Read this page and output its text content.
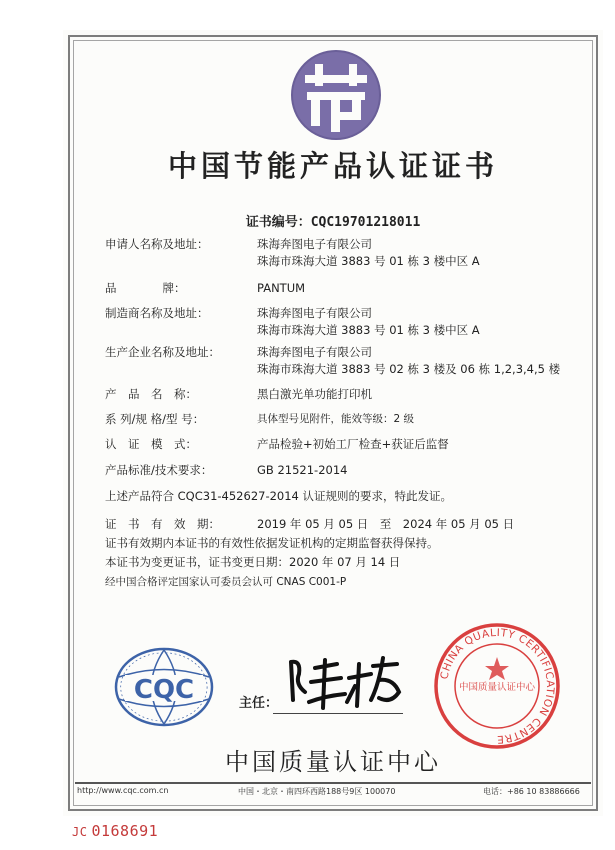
中国节能产品认证证书
证书编号：CQC19701218011
申请人名称及地址：	珠海奔图电子有限公司
珠海市珠海大道 3883 号 01 栋 3 楼中区 A
品　　　　牌：	PANTUM
制造商名称及地址：	珠海奔图电子有限公司
珠海市珠海大道 3883 号 01 栋 3 楼中区 A
生产企业名称及地址：	珠海奔图电子有限公司
珠海市珠海大道 3883 号 02 栋 3 楼及 06 栋 1,2,3,4,5 楼
产　品　名　称：	黑白激光单功能打印机
系 列/规 格/型 号：	具体型号见附件，能效等级：2 级
认　证　模　式：	产品检验+初始工厂检查+获证后监督
产品标准/技术要求：	GB 21521-2014
上述产品符合 CQC31-452627-2014 认证规则的要求，特此发证。
证　书　有　效　期：	2019 年 05 月 05 日　至　2024 年 05 月 05 日
证书有效期内本证书的有效性依据发证机构的定期监督获得保持。
本证书为变更证书，证书变更日期：2020 年 07 月 14 日
经中国合格评定国家认可委员会认可 CNAS C001-P
CQC	主任：
CHINA QUALITY CERTIFICATION CENTRE
中国质量认证中心
中国质量认证中心
http://www.cqc.com.cn	中国・北京・南四环西路188号9区 100070	电话：+86 10 83886666
JC 0168691
